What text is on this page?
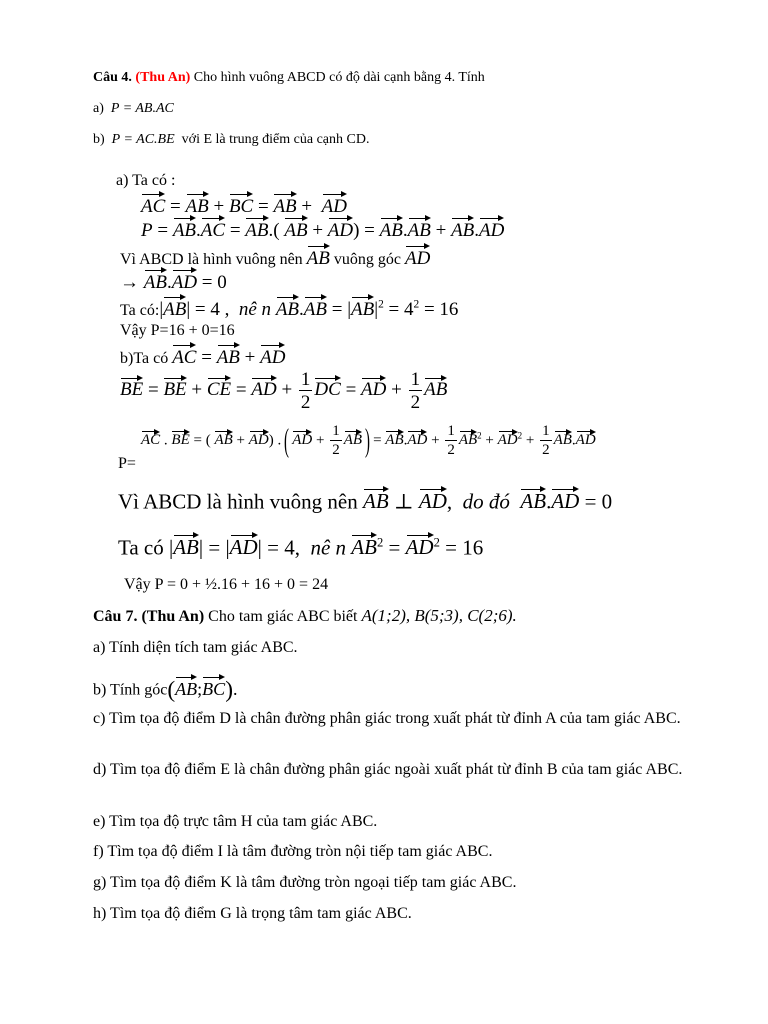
Câu 4. (Thu An) Cho hình vuông ABCD có độ dài cạnh bằng 4. Tính
a) P = AB.AC
b) P = AC.BE với E là trung điểm của cạnh CD.
a) Ta có :
AC = AB + BC = AB +  AD
P = AB.AC = AB.( AB + AD) = AB.AB + AB.AD
Vì ABCD là hình vuông nên AB vuông góc AD
→ AB.AD = 0
Ta có:|AB| = 4 ,  nê n $AB.AB = |AB|^2 = 4^2 = 16$
Vậy P=16 + 0=16
b)Ta có AC = AB + AD
BE = BE + CE = AD + $\frac{1}{2}$ DC = AD + $\frac{1}{2}$ AB
P=
AC . BE = ( AB + AD) .( AD + $\frac{1}{2} AB) = AB.AD + \frac{1}{2} AB^2 + AD^2 + \frac{1}{2} AB.AD$
Vì ABCD là hình vuông nên AB ⊥ AD,  do đó AB.AD = 0
Ta có |AB| = |AD| = 4,  nê n $AB^2 = AD^2 = 16$
Vậy P = 0 + ½.16 + 16 + 0 = 24
Câu 7. (Thu An) Cho tam giác ABC biết A(1;2), B(5;3), C(2;6).
a) Tính diện tích tam giác ABC.
b) Tính góc(AB;BC).
c) Tìm tọa độ điểm D là chân đường phân giác trong xuất phát từ đỉnh A của tam giác ABC.
d) Tìm tọa độ điểm E là chân đường phân giác ngoài xuất phát từ đỉnh B của tam giác ABC.
e) Tìm tọa độ trực tâm H của tam giác ABC.
f) Tìm tọa độ điểm I là tâm đường tròn nội tiếp tam giác ABC.
g) Tìm tọa độ điểm K là tâm đường tròn ngoại tiếp tam giác ABC.
h) Tìm tọa độ điểm G là trọng tâm tam giác ABC.
